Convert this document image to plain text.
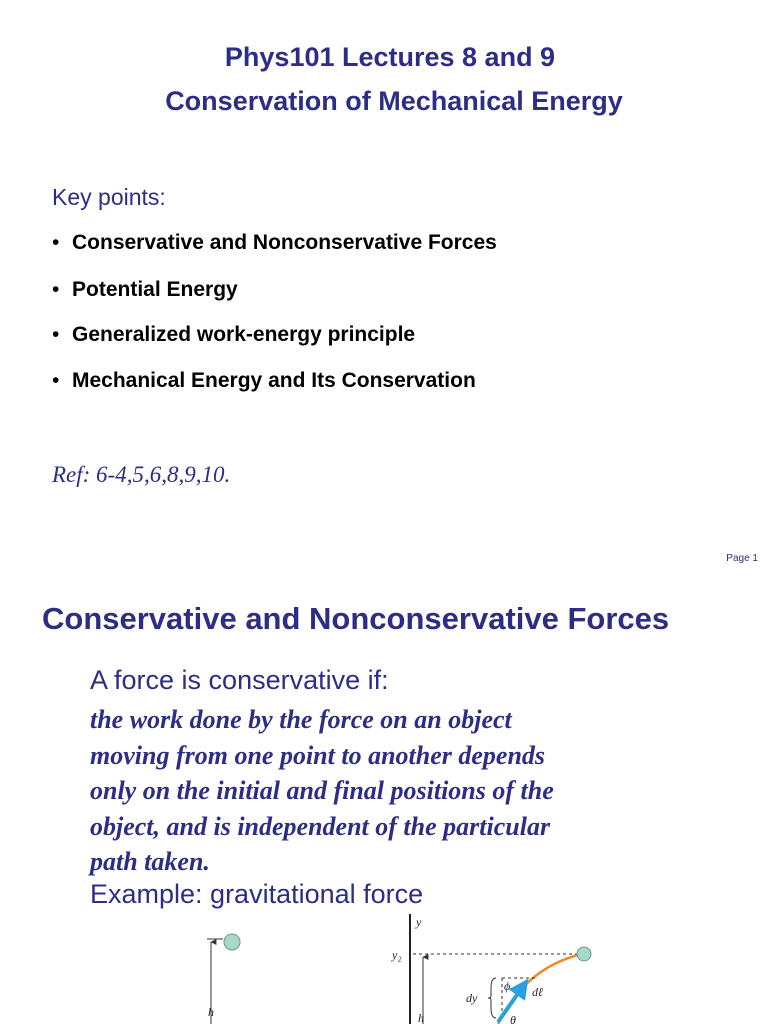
Phys101 Lectures 8 and 9
Conservation of Mechanical Energy
Key points:
• Conservative and Nonconservative Forces
• Potential Energy
• Generalized work-energy principle
• Mechanical Energy and Its Conservation
Ref: 6-4,5,6,8,9,10.
Page 1
Conservative and Nonconservative Forces
A force is conservative if:
the work done by the force on an object
moving from one point to another depends
only on the initial and final positions of the
object, and is independent of the particular
path taken.
Example: gravitational force
h
y
y₂
h
dy
ϕ dℓ
θ
